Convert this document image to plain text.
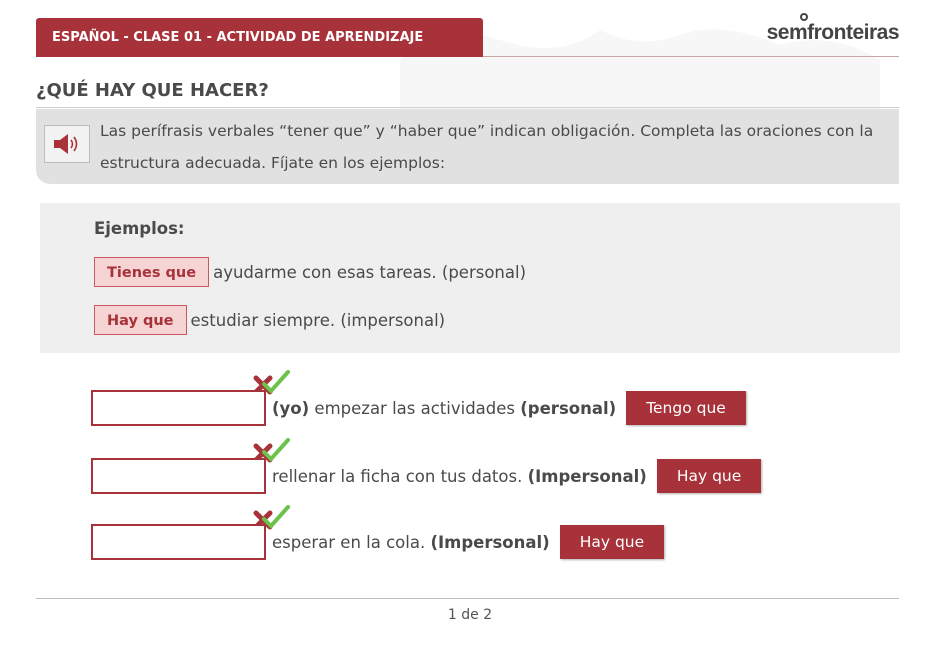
ESPAÑOL - CLASE 01 - ACTIVIDAD DE APRENDIZAJE	semfronteiras
¿QUÉ HAY QUE HACER?
Las perífrasis verbales “tener que” y “haber que” indican obligación. Completa las oraciones con la estructura adecuada. Fíjate en los ejemplos:
Ejemplos:
Tienes que	ayudarme con esas tareas. (personal)
Hay que	estudiar siempre. (impersonal)
(yo) empezar las actividades (personal)	Tengo que
rellenar la ficha con tus datos. (Impersonal)	Hay que
esperar en la cola. (Impersonal)	Hay que
1 de 2
